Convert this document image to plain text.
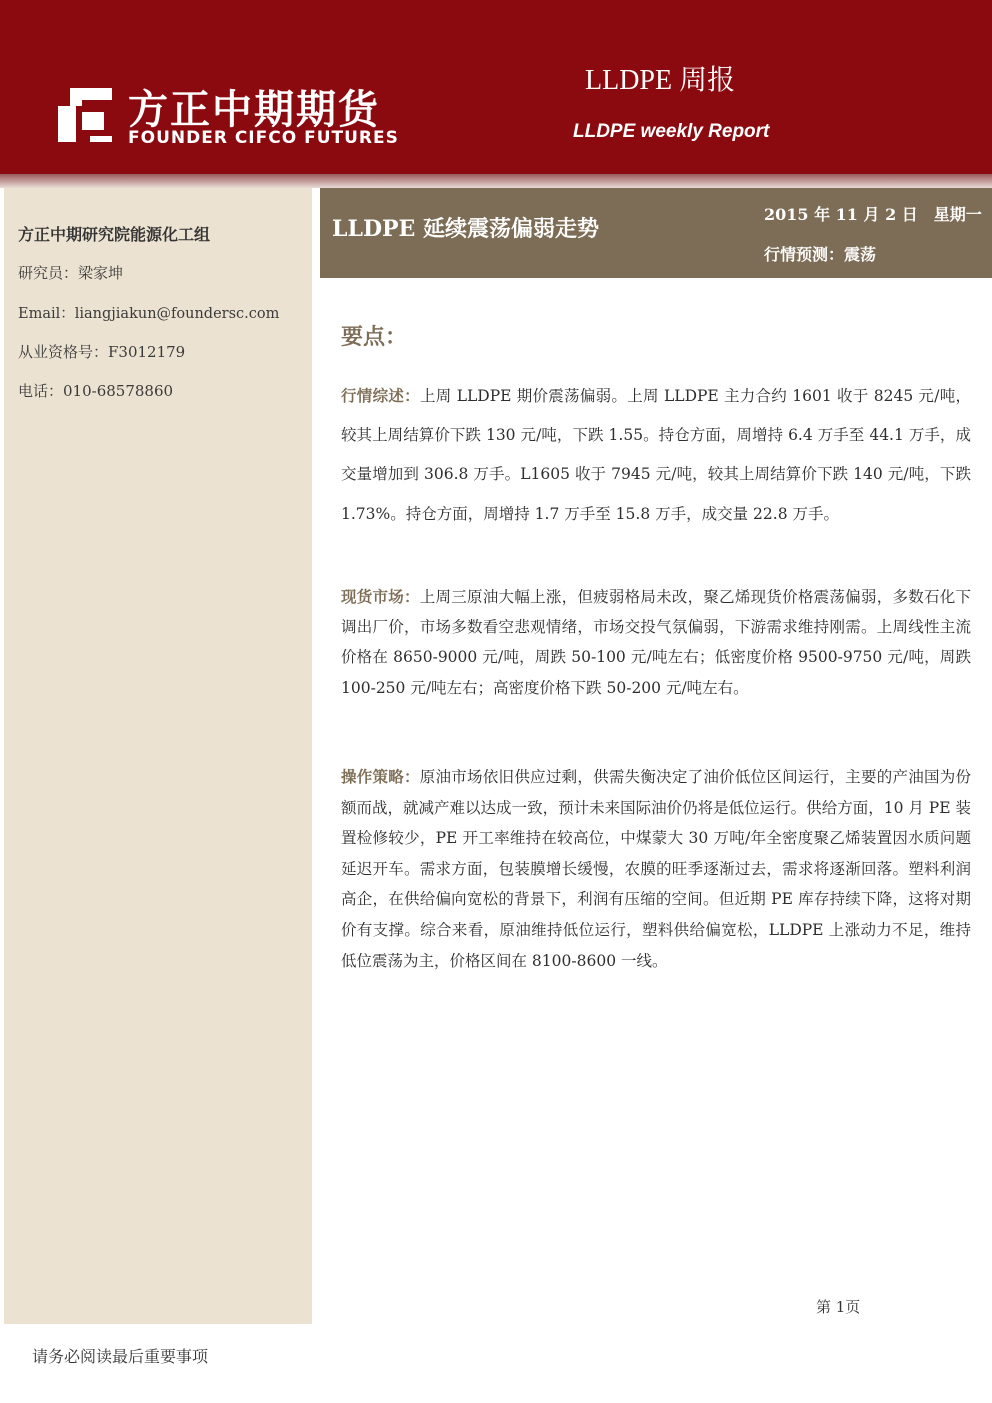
方正中期期货
FOUNDER CIFCO FUTURES
LLDPE 周报
LLDPE weekly Report
方正中期研究院能源化工组
研究员：梁家坤
Email：liangjiakun@foundersc.com
从业资格号：F3012179
电话：010-68578860
LLDPE 延续震荡偏弱走势
2015 年 11 月 2 日　星期一
行情预测：震荡
要点：
行情综述：上周 LLDPE 期价震荡偏弱。上周 LLDPE 主力合约 1601 收于 8245 元/吨，较其上周结算价下跌 130 元/吨，下跌 1.55。持仓方面，周增持 6.4 万手至 44.1 万手，成交量增加到 306.8 万手。L1605 收于 7945 元/吨，较其上周结算价下跌 140 元/吨，下跌 1.73%。持仓方面，周增持 1.7 万手至 15.8 万手，成交量 22.8 万手。
现货市场：上周三原油大幅上涨，但疲弱格局未改，聚乙烯现货价格震荡偏弱，多数石化下调出厂价，市场多数看空悲观情绪，市场交投气氛偏弱，下游需求维持刚需。上周线性主流价格在 8650-9000 元/吨，周跌 50-100 元/吨左右；低密度价格 9500-9750 元/吨，周跌 100-250 元/吨左右；高密度价格下跌 50-200 元/吨左右。
操作策略：原油市场依旧供应过剩，供需失衡决定了油价低位区间运行，主要的产油国为份额而战，就减产难以达成一致，预计未来国际油价仍将是低位运行。供给方面，10 月 PE 装置检修较少，PE 开工率维持在较高位，中煤蒙大 30 万吨/年全密度聚乙烯装置因水质问题延迟开车。需求方面，包装膜增长缓慢，农膜的旺季逐渐过去，需求将逐渐回落。塑料利润高企，在供给偏向宽松的背景下，利润有压缩的空间。但近期 PE 库存持续下降，这将对期价有支撑。综合来看，原油维持低位运行，塑料供给偏宽松，LLDPE 上涨动力不足，维持低位震荡为主，价格区间在 8100-8600 一线。
第 1页
请务必阅读最后重要事项
